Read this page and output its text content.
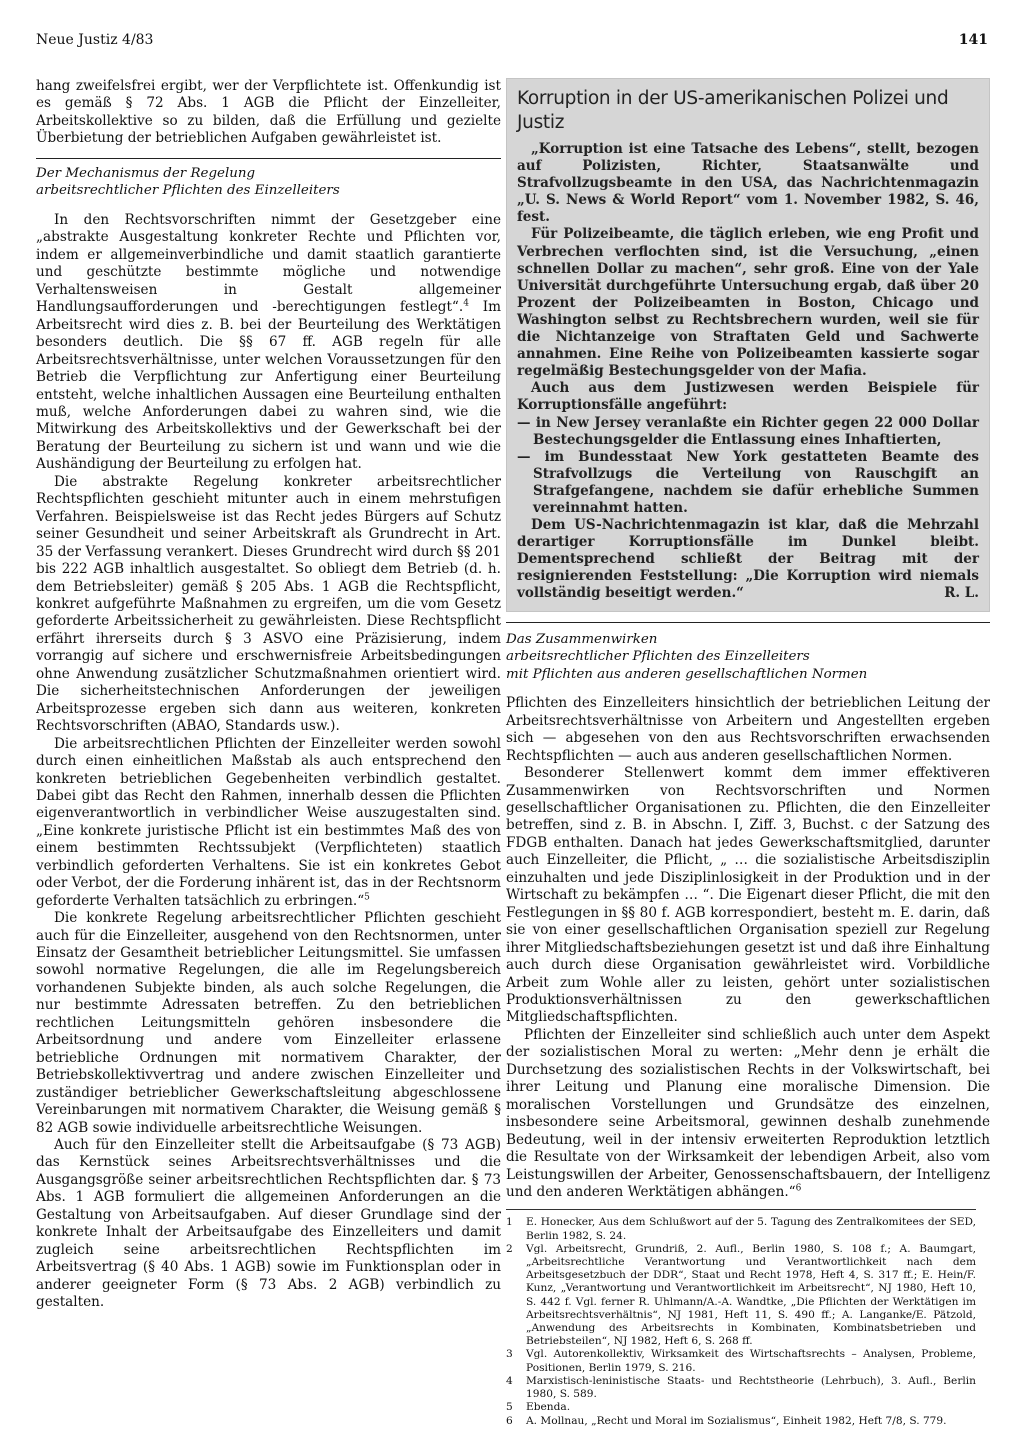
Neue Justiz 4/83	141

hang zweifelsfrei ergibt, wer der Verpflichtete ist. Offenkundig ist es gemäß § 72 Abs. 1 AGB die Pflicht der Einzelleiter, Arbeitskollektive so zu bilden, daß die Erfüllung und gezielte Überbietung der betrieblichen Aufgaben gewährleistet ist.

Der Mechanismus der Regelung
arbeitsrechtlicher Pflichten des Einzelleiters

In den Rechtsvorschriften nimmt der Gesetzgeber eine „abstrakte Ausgestaltung konkreter Rechte und Pflichten vor, indem er allgemeinverbindliche und damit staatlich garantierte und geschützte bestimmte mögliche und notwendige Verhaltensweisen in Gestalt allgemeiner Handlungsaufforderungen und -berechtigungen festlegt“.$^4$ Im Arbeitsrecht wird dies z. B. bei der Beurteilung des Werktätigen besonders deutlich. Die §§ 67 ff. AGB regeln für alle Arbeitsrechtsverhältnisse, unter welchen Voraussetzungen für den Betrieb die Verpflichtung zur Anfertigung einer Beurteilung entsteht, welche inhaltlichen Aussagen eine Beurteilung enthalten muß, welche Anforderungen dabei zu wahren sind, wie die Mitwirkung des Arbeitskollektivs und der Gewerkschaft bei der Beratung der Beurteilung zu sichern ist und wann und wie die Aushändigung der Beurteilung zu erfolgen hat.

Die abstrakte Regelung konkreter arbeitsrechtlicher Rechtspflichten geschieht mitunter auch in einem mehrstufigen Verfahren. Beispielsweise ist das Recht jedes Bürgers auf Schutz seiner Gesundheit und seiner Arbeitskraft als Grundrecht in Art. 35 der Verfassung verankert. Dieses Grundrecht wird durch §§ 201 bis 222 AGB inhaltlich ausgestaltet. So obliegt dem Betrieb (d. h. dem Betriebsleiter) gemäß § 205 Abs. 1 AGB die Rechtspflicht, konkret aufgeführte Maßnahmen zu ergreifen, um die vom Gesetz geforderte Arbeitssicherheit zu gewährleisten. Diese Rechtspflicht erfährt ihrerseits durch § 3 ASVO eine Präzisierung, indem vorrangig auf sichere und erschwernisfreie Arbeitsbedingungen ohne Anwendung zusätzlicher Schutzmaßnahmen orientiert wird. Die sicherheitstechnischen Anforderungen der jeweiligen Arbeitsprozesse ergeben sich dann aus weiteren, konkreten Rechtsvorschriften (ABAO, Standards usw.).

Die arbeitsrechtlichen Pflichten der Einzelleiter werden sowohl durch einen einheitlichen Maßstab als auch entsprechend den konkreten betrieblichen Gegebenheiten verbindlich gestaltet. Dabei gibt das Recht den Rahmen, innerhalb dessen die Pflichten eigenverantwortlich in verbindlicher Weise auszugestalten sind. „Eine konkrete juristische Pflicht ist ein bestimmtes Maß des von einem bestimmten Rechtssubjekt (Verpflichteten) staatlich verbindlich geforderten Verhaltens. Sie ist ein konkretes Gebot oder Verbot, der die Forderung inhärent ist, das in der Rechtsnorm geforderte Verhalten tatsächlich zu erbringen.“$^5$

Die konkrete Regelung arbeitsrechtlicher Pflichten geschieht auch für die Einzelleiter, ausgehend von den Rechtsnormen, unter Einsatz der Gesamtheit betrieblicher Leitungsmittel. Sie umfassen sowohl normative Regelungen, die alle im Regelungsbereich vorhandenen Subjekte binden, als auch solche Regelungen, die nur bestimmte Adressaten betreffen. Zu den betrieblichen rechtlichen Leitungsmitteln gehören insbesondere die Arbeitsordnung und andere vom Einzelleiter erlassene betriebliche Ordnungen mit normativem Charakter, der Betriebskollektivvertrag und andere zwischen Einzelleiter und zuständiger betrieblicher Gewerkschaftsleitung abgeschlossene Vereinbarungen mit normativem Charakter, die Weisung gemäß § 82 AGB sowie individuelle arbeitsrechtliche Weisungen.

Auch für den Einzelleiter stellt die Arbeitsaufgabe (§ 73 AGB) das Kernstück seines Arbeitsrechtsverhältnisses und die Ausgangsgröße seiner arbeitsrechtlichen Rechtspflichten dar. § 73 Abs. 1 AGB formuliert die allgemeinen Anforderungen an die Gestaltung von Arbeitsaufgaben. Auf dieser Grundlage sind der konkrete Inhalt der Arbeitsaufgabe des Einzelleiters und damit zugleich seine arbeitsrechtlichen Rechtspflichten im Arbeitsvertrag (§ 40 Abs. 1 AGB) sowie im Funktionsplan oder in anderer geeigneter Form (§ 73 Abs. 2 AGB) verbindlich zu gestalten.

Korruption in der US-amerikanischen Polizei und Justiz

„Korruption ist eine Tatsache des Lebens“, stellt, bezogen auf Polizisten, Richter, Staatsanwälte und Strafvollzugsbeamte in den USA, das Nachrichtenmagazin „U. S. News & World Report“ vom 1. November 1982, S. 46, fest.

Für Polizeibeamte, die täglich erleben, wie eng Profit und Verbrechen verflochten sind, ist die Versuchung, „einen schnellen Dollar zu machen“, sehr groß. Eine von der Yale Universität durchgeführte Untersuchung ergab, daß über 20 Prozent der Polizeibeamten in Boston, Chicago und Washington selbst zu Rechtsbrechern wurden, weil sie für die Nichtanzeige von Straftaten Geld und Sachwerte annahmen. Eine Reihe von Polizeibeamten kassierte sogar regelmäßig Bestechungsgelder von der Mafia.

Auch aus dem Justizwesen werden Beispiele für Korruptionsfälle angeführt:

— in New Jersey veranlaßte ein Richter gegen 22 000 Dollar Bestechungsgelder die Entlassung eines Inhaftierten,

— im Bundesstaat New York gestatteten Beamte des Strafvollzugs die Verteilung von Rauschgift an Strafgefangene, nachdem sie dafür erhebliche Summen vereinnahmt hatten.

Dem US-Nachrichtenmagazin ist klar, daß die Mehrzahl derartiger Korruptionsfälle im Dunkel bleibt. Dementsprechend schließt der Beitrag mit der resignierenden Feststellung: „Die Korruption wird niemals vollständig beseitigt werden.“	R. L.

Das Zusammenwirken
arbeitsrechtlicher Pflichten des Einzelleiters
mit Pflichten aus anderen gesellschaftlichen Normen

Pflichten des Einzelleiters hinsichtlich der betrieblichen Leitung der Arbeitsrechtsverhältnisse von Arbeitern und Angestellten ergeben sich — abgesehen von den aus Rechtsvorschriften erwachsenden Rechtspflichten — auch aus anderen gesellschaftlichen Normen.

Besonderer Stellenwert kommt dem immer effektiveren Zusammenwirken von Rechtsvorschriften und Normen gesellschaftlicher Organisationen zu. Pflichten, die den Einzelleiter betreffen, sind z. B. in Abschn. I, Ziff. 3, Buchst. c der Satzung des FDGB enthalten. Danach hat jedes Gewerkschaftsmitglied, darunter auch Einzelleiter, die Pflicht, „ … die sozialistische Arbeitsdisziplin einzuhalten und jede Disziplinlosigkeit in der Produktion und in der Wirtschaft zu bekämpfen … “. Die Eigenart dieser Pflicht, die mit den Festlegungen in §§ 80 f. AGB korrespondiert, besteht m. E. darin, daß sie von einer gesellschaftlichen Organisation speziell zur Regelung ihrer Mitgliedschaftsbeziehungen gesetzt ist und daß ihre Einhaltung auch durch diese Organisation gewährleistet wird. Vorbildliche Arbeit zum Wohle aller zu leisten, gehört unter sozialistischen Produktionsverhältnissen zu den gewerkschaftlichen Mitgliedschaftspflichten.

Pflichten der Einzelleiter sind schließlich auch unter dem Aspekt der sozialistischen Moral zu werten: „Mehr denn je erhält die Durchsetzung des sozialistischen Rechts in der Volkswirtschaft, bei ihrer Leitung und Planung eine moralische Dimension. Die moralischen Vorstellungen und Grundsätze des einzelnen, insbesondere seine Arbeitsmoral, gewinnen deshalb zunehmende Bedeutung, weil in der intensiv erweiterten Reproduktion letztlich die Resultate von der Wirksamkeit der lebendigen Arbeit, also vom Leistungswillen der Arbeiter, Genossenschaftsbauern, der Intelligenz und den anderen Werktätigen abhängen.“$^6$

1	E. Honecker, Aus dem Schlußwort auf der 5. Tagung des Zentralkomitees der SED, Berlin 1982, S. 24.
2	Vgl. Arbeitsrecht, Grundriß, 2. Aufl., Berlin 1980, S. 108 f.; A. Baumgart, „Arbeitsrechtliche Verantwortung und Verantwortlichkeit nach dem Arbeitsgesetzbuch der DDR“, Staat und Recht 1978, Heft 4, S. 317 ff.; E. Hein/F. Kunz, „Verantwortung und Verantwortlichkeit im Arbeitsrecht“, NJ 1980, Heft 10, S. 442 f. Vgl. ferner R. Uhlmann/A.-A. Wandtke, „Die Pflichten der Werktätigen im Arbeitsrechtsverhältnis“, NJ 1981, Heft 11, S. 490 ff.; A. Langanke/E. Pätzold, „Anwendung des Arbeitsrechts in Kombinaten, Kombinatsbetrieben und Betriebsteilen“, NJ 1982, Heft 6, S. 268 ff.
3	Vgl. Autorenkollektiv, Wirksamkeit des Wirtschaftsrechts – Analysen, Probleme, Positionen, Berlin 1979, S. 216.
4	Marxistisch-leninistische Staats- und Rechtstheorie (Lehrbuch), 3. Aufl., Berlin 1980, S. 589.
5	Ebenda.
6	A. Mollnau, „Recht und Moral im Sozialismus“, Einheit 1982, Heft 7/8, S. 779.
